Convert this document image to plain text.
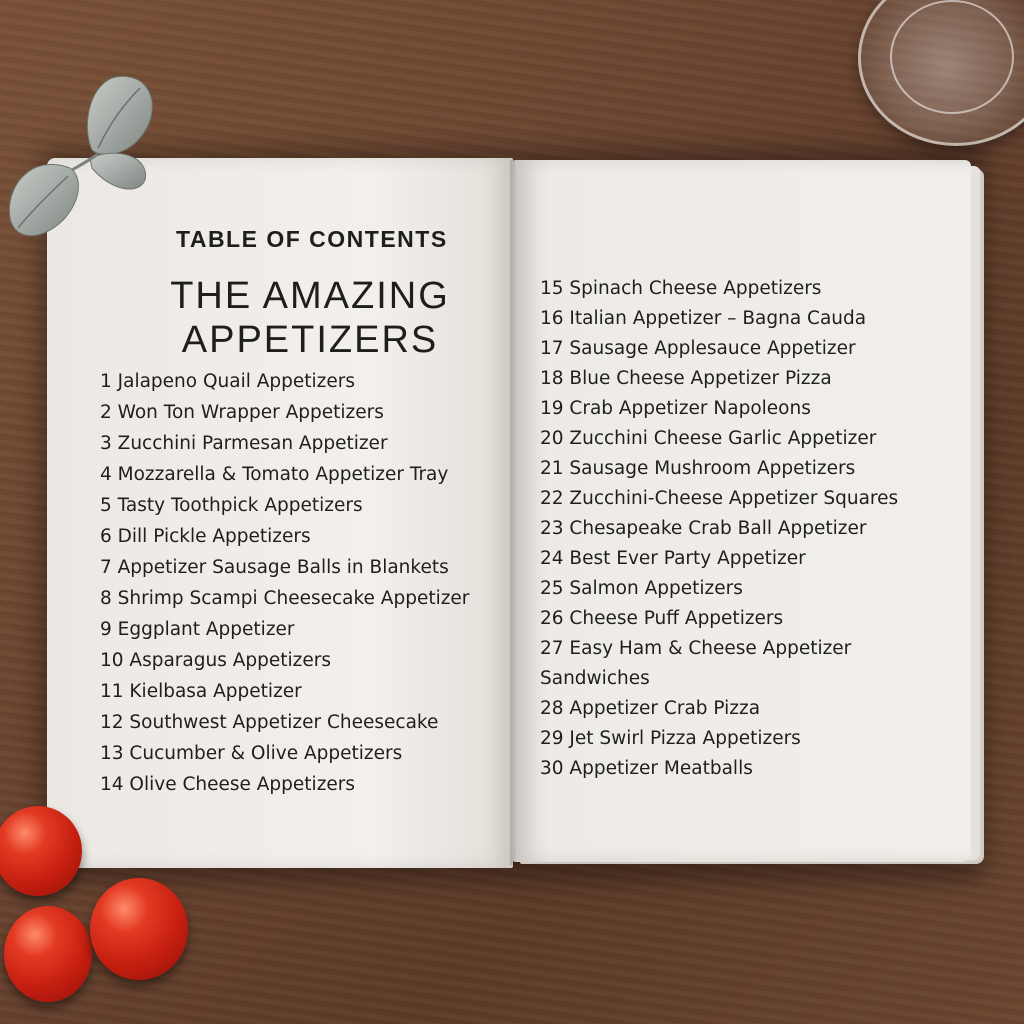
TABLE OF CONTENTS
THE AMAZING APPETIZERS
1 Jalapeno Quail Appetizers
2 Won Ton Wrapper Appetizers
3 Zucchini Parmesan Appetizer
4 Mozzarella & Tomato Appetizer Tray
5 Tasty Toothpick Appetizers
6 Dill Pickle Appetizers
7 Appetizer Sausage Balls in Blankets
8 Shrimp Scampi Cheesecake Appetizer
9 Eggplant Appetizer
10 Asparagus Appetizers
11 Kielbasa Appetizer
12 Southwest Appetizer Cheesecake
13 Cucumber & Olive Appetizers
14 Olive Cheese Appetizers
15 Spinach Cheese Appetizers
16 Italian Appetizer – Bagna Cauda
17 Sausage Applesauce Appetizer
18 Blue Cheese Appetizer Pizza
19 Crab Appetizer Napoleons
20 Zucchini Cheese Garlic Appetizer
21 Sausage Mushroom Appetizers
22 Zucchini-Cheese Appetizer Squares
23 Chesapeake Crab Ball Appetizer
24 Best Ever Party Appetizer
25 Salmon Appetizers
26 Cheese Puff Appetizers
27 Easy Ham & Cheese Appetizer Sandwiches
28 Appetizer Crab Pizza
29 Jet Swirl Pizza Appetizers
30 Appetizer Meatballs
